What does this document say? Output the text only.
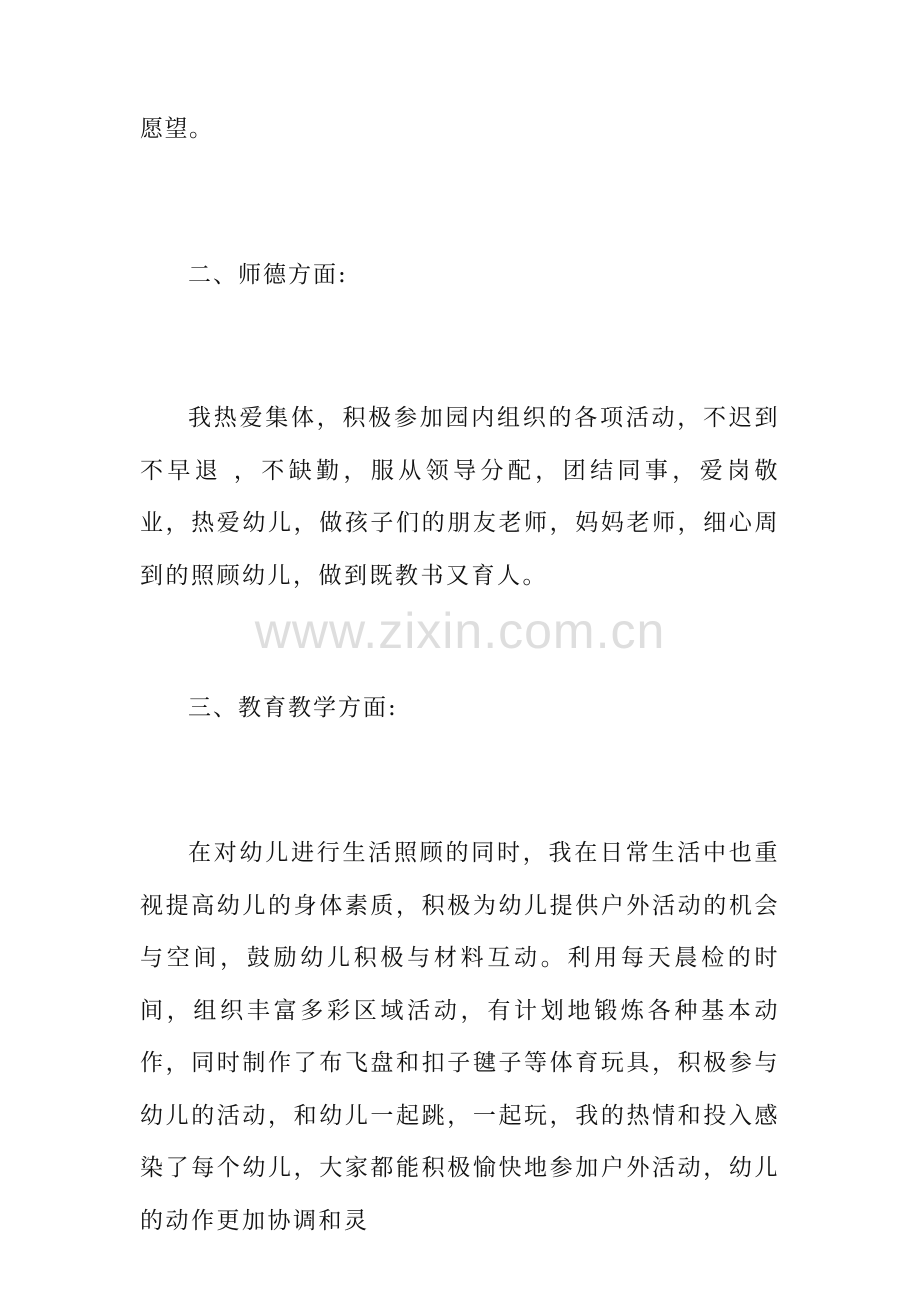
愿望。
二、师德方面:
我热爱集体，积极参加园内组织的各项活动，不迟到不早退 ，不缺勤，服从领导分配，团结同事，爱岗敬业，热爱幼儿，做孩子们的朋友老师，妈妈老师，细心周到的照顾幼儿，做到既教书又育人。
www.zixin.com.cn
三、教育教学方面:
在对幼儿进行生活照顾的同时，我在日常生活中也重视提高幼儿的身体素质，积极为幼儿提供户外活动的机会与空间，鼓励幼儿积极与材料互动。利用每天晨检的时间，组织丰富多彩区域活动，有计划地锻炼各种基本动作，同时制作了布飞盘和扣子毽子等体育玩具，积极参与幼儿的活动，和幼儿一起跳，一起玩，我的热情和投入感染了每个幼儿，大家都能积极愉快地参加户外活动，幼儿的动作更加协调和灵
